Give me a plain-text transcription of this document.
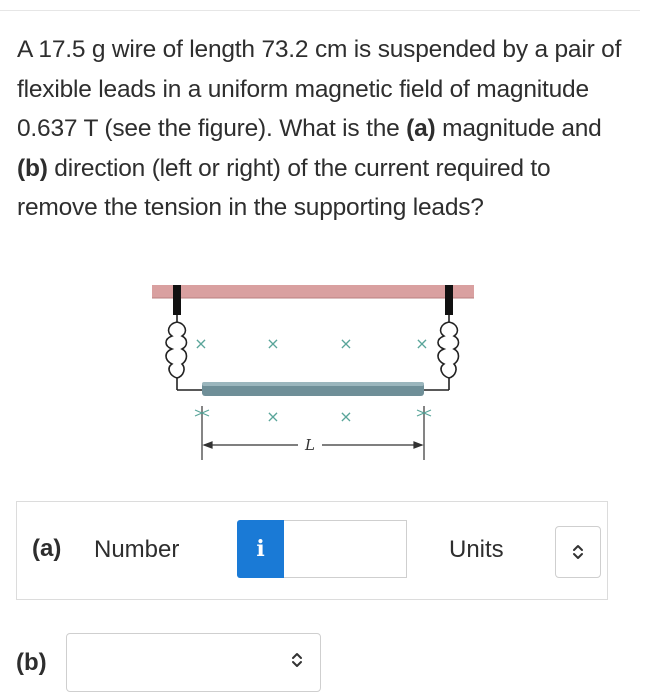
A 17.5 g wire of length 73.2 cm is suspended by a pair of flexible leads in a uniform magnetic field of magnitude 0.637 T (see the figure). What is the (a) magnitude and (b) direction (left or right) of the current required to remove the tension in the supporting leads?
×	×	×	×
×	×
L
(a) Number	i	Units
(b)
